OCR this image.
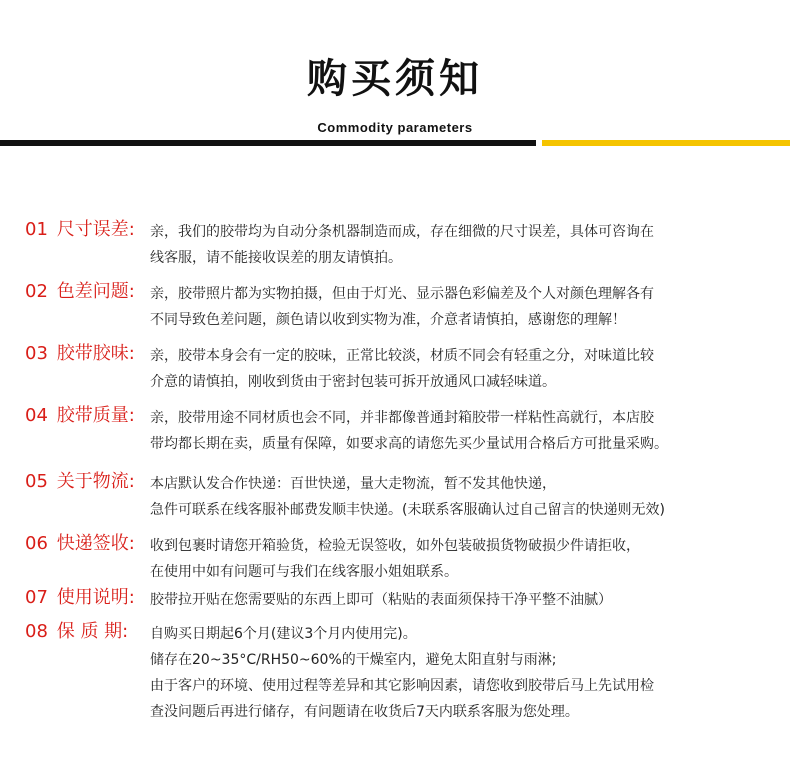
购买须知
Commodity parameters
01 尺寸误差:	亲，我们的胶带均为自动分条机器制造而成，存在细微的尺寸误差，具体可咨询在
线客服，请不能接收误差的朋友请慎拍。
02 色差问题:	亲，胶带照片都为实物拍摄，但由于灯光、显示器色彩偏差及个人对颜色理解各有
不同导致色差问题，颜色请以收到实物为准，介意者请慎拍，感谢您的理解！
03 胶带胶味:	亲，胶带本身会有一定的胶味，正常比较淡，材质不同会有轻重之分，对味道比较
介意的请慎拍，刚收到货由于密封包装可拆开放通风口减轻味道。
04 胶带质量:	亲，胶带用途不同材质也会不同，并非都像普通封箱胶带一样粘性高就行，本店胶
带均都长期在卖，质量有保障，如要求高的请您先买少量试用合格后方可批量采购。
05 关于物流:	本店默认发合作快递：百世快递，量大走物流，暂不发其他快递，
急件可联系在线客服补邮费发顺丰快递。(未联系客服确认过自己留言的快递则无效)
06 快递签收:	收到包裹时请您开箱验货，检验无误签收，如外包装破损货物破损少件请拒收，
在使用中如有问题可与我们在线客服小姐姐联系。
07 使用说明:	胶带拉开贴在您需要贴的东西上即可（粘贴的表面须保持干净平整不油腻）
08 保 质 期:	自购买日期起6个月(建议3个月内使用完)。
储存在20~35°C/RH50~60%的干燥室内，避免太阳直射与雨淋;
由于客户的环境、使用过程等差异和其它影响因素，请您收到胶带后马上先试用检
查没问题后再进行储存，有问题请在收货后7天内联系客服为您处理。
